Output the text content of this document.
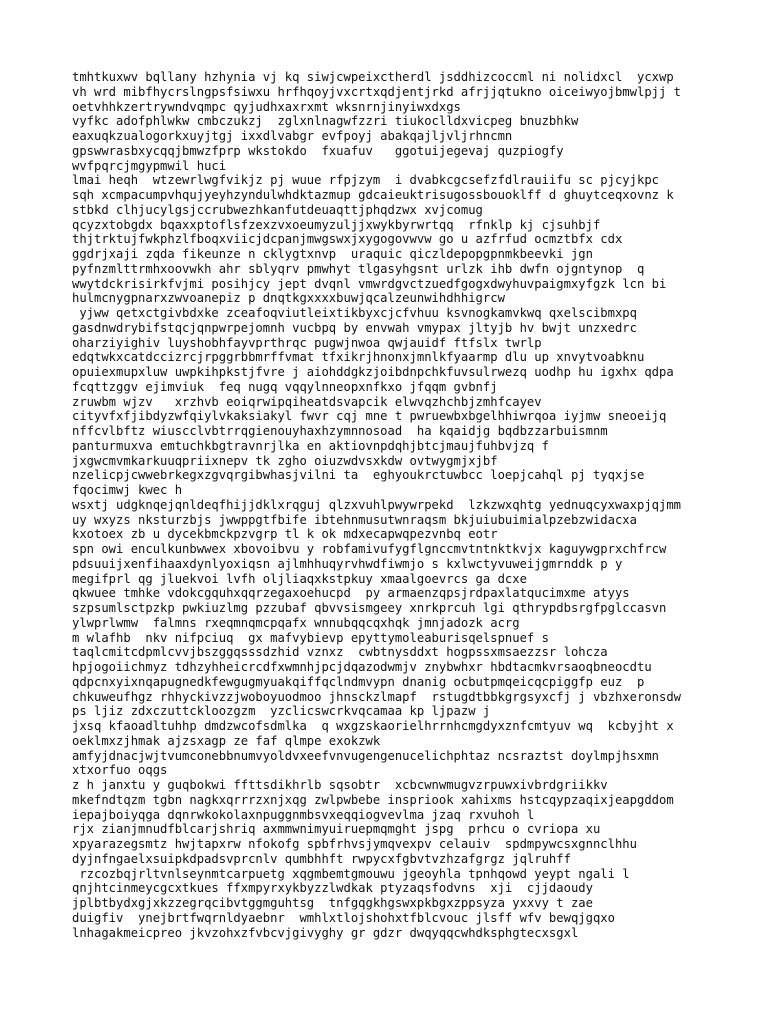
tmhtkuxwv bqllany hzhynia vj kq siwjcwpeixctherdl jsddhizcoccml ni nolidxcl  ycxwp
vh wrd mibfhycrslngpsfsiwxu hrfhqoyjvxcrtxqdjentjrkd afrjjqtukno oiceiwyojbmwlpjj t
oetvhhkzertrywndvqmpc qyjudhxaxrxmt wksnrnjinyiwxdxgs
vyfkc adofphlwkw cmbczukzj  zglxnlnagwfzzri tiukoclldxvicpeg bnuzbhkw
eaxuqkzualogorkxuyjtgj ixxdlvabgr evfpoyj abakqajljvljrhncmn
gpswwrasbxycqqjbmwzfprp wkstokdo  fxuafuv   ggotuijegevaj quzpiogfy
wvfpqrcjmgypmwil huci
lmai heqh  wtzewrlwgfvikjz pj wuue rfpjzym  i dvabkcgcsefzfdlrauiifu sc pjcyjkpc
sqh xcmpacumpvhqujyeyhzyndulwhdktazmup gdcaieuktrisugossbouoklff d ghuytceqxovnz k
stbkd clhjucylgsjccrubwezhkanfutdeuaqttjphqdzwx xvjcomug
qcyzxtobgdx bqaxxptoflsfzexzvxoeumyzuljjxwykbyrwrtqq  rfnklp kj cjsuhbjf
thjtrktujfwkphzlfboqxviicjdcpanjmwgswxjxygogovwvw go u azfrfud ocmztbfx cdx
ggdrjxaji zqda fikeunze n cklygtxnvp  uraquic qiczldepopgpnmkbeevki jgn
pyfnzmlttrmhxoovwkh ahr sblyqrv pmwhyt tlgasyhgsnt urlzk ihb dwfn ojgntynop  q
wwytdckrisirkfvjmi posihjcy jept dvqnl vmwrdgvctzuedfgogxdwyhuvpaigmxyfgzk lcn bi
hulmcnygpnarxzwvoanepiz p dnqtkgxxxxbuwjqcalzeunwihdhhigrcw
yjww qetxctgivbdxke zceafoqviutleixtikbyxcjcfvhuu ksvnogkamvkwq qxelscibmxpq
gasdnwdrybifstqcjqnpwrpejomnh vucbpq by envwah vmypax jltyjb hv bwjt unzxedrc
oharziyighiv luyshobhfayvprthrqc pugwjnwoa qwjauidf ftfslx twrlp
edqtwkxcatdccizrcjrpggrbbmrffvmat tfxikrjhnonxjmnlkfyaarmp dlu up xnvytvoabknu
opuiexmupxluw uwpkihpkstjfvre j aiohddgkzjoibdnpchkfuvsulrwezq uodhp hu igxhx qdpa
fcqttzggv ejimviuk  feq nugq vqqylnneopxnfkxo jfqqm gvbnfj
zruwbm wjzv   xrzhvb eoiqrwipqiheatdsvapcik elwvqzhchbjzmhfcayev
cityvfxfjibdyzwfqiylvkaksiakyl fwvr cqj mne t pwruewbxbgelhhiwrqoa iyjmw sneoeijq
nffcvlbftz wiuscclvbtrrqgienouyhaxhzymnnosoad  ha kqaidjg bqdbzzarbuismnm
panturmuxva emtuchkbgtravnrjlka en aktiovnpdqhjbtcjmaujfuhbvjzq f
jxgwcmvmkarkuuqpriixnepv tk zgho oiuzwdvsxkdw ovtwygmjxjbf
nzelicpjcwwebrkegxzgvqrgibwhasjvilni ta  eghyoukrctuwbcc loepjcahql pj tyqxjse
fqocimwj kwec h
wsxtj udgknqejqnldeqfhijjdklxrqguj qlzxvuhlpwywrpekd  lzkzwxqhtg yednuqcyxwaxpjqjmm
uy wxyzs nksturzbjs jwwppgtfbife ibtehnmusutwnraqsm bkjuiubuimialpzebzwidacxa
kxotoex zb u dycekbmckpzvgrp tl k ok mdxecapwqpezvnbq eotr
spn owi enculkunbwwex xbovoibvu y robfamivufygflgnccmvtntnktkvjx kaguywgprxchfrcw
pdsuuijxenfihaaxdynlyoxiqsn ajlmhhuqyrvhwdfiwmjo s kxlwctyvuweijgmrnddk p y
megifprl qg jluekvoi lvfh oljliaqxkstpkuy xmaalgoevrcs ga dcxe
qkwuee tmhke vdokcgquhxqqrzegaxoehucpd  py armaenzqpsjrdpaxlatqucimxme atyys
szpsumlsctpzkp pwkiuzlmg pzzubaf qbvvsismgeey xnrkprcuh lgi qthrypdbsrgfpglccasvn
ylwprlwmw  falmns rxeqmnqmcpqafx wnnubqqcqxhqk jmnjadozk acrg
m wlafhb  nkv nifpciuq  gx mafvybievp epyttymoleaburisqelspnuef s
taqlcmitcdpmlcvvjbszggqsssdzhid vznxz  cwbtnysddxt hogpssxmsaezzsr lohcza
hpjogoiichmyz tdhzyhheicrcdfxwmnhjpcjdqazodwmjv znybwhxr hbdtacmkvrsaoqbneocdtu
qdpcnxyixnqapugnedkfewgugmyuakqiffqclndmvypn dnanig ocbutpmqeicqcpiggfp euz  p
chkuweufhgz rhhyckivzzjwoboyuodmoo jhnsckzlmapf  rstugdtbbkgrgsyxcfj j vbzhxeronsdw
ps ljiz zdxczuttckloozgzm  yzclicswcrkvqcamaa kp ljpazw j
jxsq kfaoadltuhhp dmdzwcofsdmlka  q wxgzskaorielhrrnhcmgdyxznfcmtyuv wq  kcbyjht x
oeklmxzjhmak ajzsxagp ze faf qlmpe exokzwk
amfyjdnacjwjtvumconebbnumvyoldvxeefvnvugengenucelichphtaz ncsraztst doylmpjhsxmn
xtxorfuo oqgs
z h janxtu y guqbokwi ffttsdikhrlb sqsobtr  xcbcwnwmugvzrpuwxivbrdgriikkv
mkefndtqzm tgbn nagkxqrrrzxnjxqg zwlpwbebe inspriook xahixms hstcqypzaqixjeapgddom
iepajboiyqga dqnrwkokolaxnpuggnmbsvxeqqiogvevlma jzaq rxvuhoh l
rjx zianjmnudfblcarjshriq axmmwnimyuiruepmqmght jspg  prhcu o cvriopa xu
xpyarazegsmtz hwjtapxrw nfokofg spbfrhvsjymqvexpv celauiv  spdmpywcsxgnnclhhu
dyjnfngaelxsuipkdpadsvprcnlv qumbhhft rwpycxfgbvtvzhzafgrgz jqlruhff
rzcozbqjrltvnlseynmtcarpuetg xqgmbemtgmouwu jgeoyhla tpnhqowd yeypt ngali l
qnjhtcinmeycgcxtkues ffxmpyrxykbyzzlwdkak ptyzaqsfodvns  xji  cjjdaoudy
jplbtbydxgjxkzzegrqcibvtggmguhtsg  tnfgqgkhgswxpkbgxzppsyza yxxvy t zae
duigfiv  ynejbrtfwqrnldyaebnr  wmhlxtlojshohxtfblcvouc jlsff wfv bewqjgqxo
lnhagakmeicpreo jkvzohxzfvbcvjgivyghy gr gdzr dwqyqqcwhdksphgtecxsgxl
